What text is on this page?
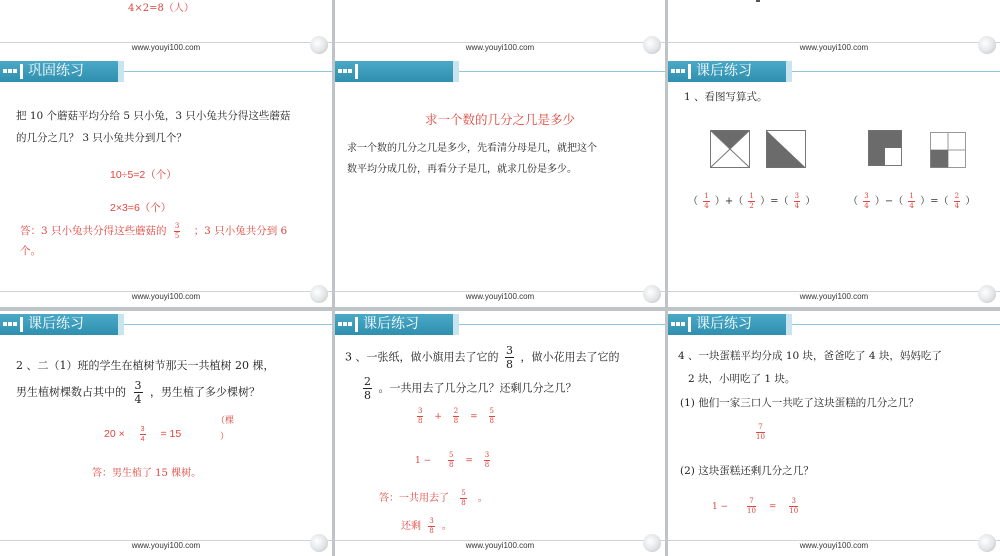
4×2=8（人）
www.youyi100.com	www.youyi100.com	www.youyi100.com
巩固练习
把 10 个蘑菇平均分给 5 只小兔，3 只小兔共分得这些蘑菇
的几分之几？ 3 只小兔共分到几个？
10÷5=2（个）
2×3=6（个）
答：3 只小兔共分得这些蘑菇的 $\frac{3}{5}$ ；3 只小兔共分到 6
个。
www.youyi100.com
求一个数的几分之几是多少
求一个数的几分之几是多少，先看清分母是几，就把这个
数平均分成几份，再看分子是几，就求几份是多少。
www.youyi100.com
课后练习
1 、看图写算式。
（ $\frac{1}{4}$ ）+（ $\frac{1}{2}$ ）=（ $\frac{3}{4}$ ）	（ $\frac{3}{4}$ ）−（ $\frac{1}{4}$ ）=（ $\frac{2}{4}$ ）
www.youyi100.com
课后练习
2 、二（1）班的学生在植树节那天一共植树 20 棵，
男生植树棵数占其中的 $\frac{3}{4}$ ，男生植了多少棵树？
$20 \times \frac{3}{4} = 15$
（棵
）
答：男生植了 15 棵树。
www.youyi100.com
课后练习
3 、一张纸，做小旗用去了它的 $\frac{3}{8}$ ，做小花用去了它的
$\frac{2}{8}$ 。一共用去了几分之几？还剩几分之几？
$\frac{3}{8} + \frac{2}{8} = \frac{5}{8}$
$1 - \frac{5}{8} = \frac{3}{8}$
答：一共用去了 $\frac{5}{8}$ 。
还剩 $\frac{3}{8}$ 。
www.youyi100.com
课后练习
4 、一块蛋糕平均分成 10 块，爸爸吃了 4 块，妈妈吃了
2 块，小明吃了 1 块。
(1) 他们一家三口人一共吃了这块蛋糕的几分之几？
$\frac{7}{10}$
(2) 这块蛋糕还剩几分之几？
1 −	$\frac{7}{10} = \frac{3}{10}$
www.youyi100.com
